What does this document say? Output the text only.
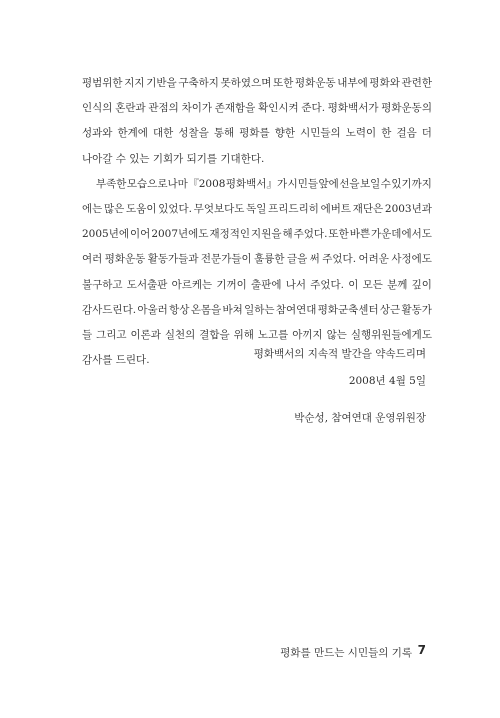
평범위한 지지 기반을 구축하지 못하였으며 또한 평화운동 내부에 평화와 관련한
인식의 혼란과 관점의 차이가 존재함을 확인시켜 준다. 평화백서가 평화운동의
성과와 한계에 대한 성찰을 통해 평화를 향한 시민들의 노력이 한 걸음 더
나아갈 수 있는 기회가 되기를 기대한다.
부족한 모습으로나마 『2008 평화백서』가 시민들 앞에 선을 보일 수 있기까지
에는 많은 도움이 있었다. 무엇보다도 독일 프리드리히 에버트 재단은 2003년과
2005년에 이어 2007년에도 재정적인 지원을 해 주었다. 또한 바쁜 가운데에서도
여러 평화운동 활동가들과 전문가들이 훌륭한 글을 써 주었다. 어려운 사정에도
불구하고 도서출판 아르케는 기꺼이 출판에 나서 주었다. 이 모든 분께 깊이
감사드린다. 아울러 항상 온몸을 바쳐 일하는 참여연대 평화군축센터 상근 활동가
들 그리고 이론과 실천의 결합을 위해 노고를 아끼지 않는 실행위원들에게도
감사를 드린다.
평화백서의 지속적 발간을 약속드리며
2008년 4월 5일
박순성, 참여연대 운영위원장
평화를 만드는 시민들의 기록 7
